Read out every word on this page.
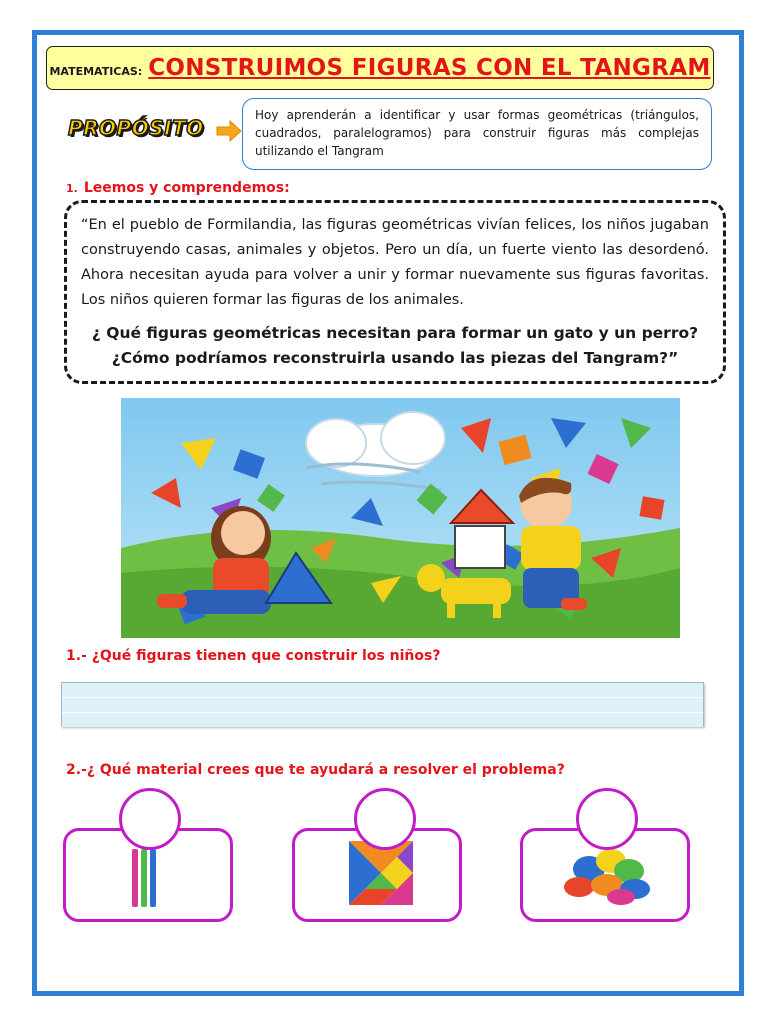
MATEMATICAS: CONSTRUIMOS FIGURAS CON EL TANGRAM
PROPÓSITO
Hoy aprenderán a identificar y usar formas geométricas (triángulos, cuadrados, paralelogramos) para construir figuras más complejas utilizando el Tangram
1. Leemos y comprendemos:

“En el pueblo de Formilandia, las figuras geométricas vivían felices, los niños jugaban construyendo casas, animales y objetos. Pero un día, un fuerte viento las desordenó. Ahora necesitan ayuda para volver a unir y formar nuevamente sus figuras favoritas. Los niños quieren formar las figuras de los animales.

¿ Qué figuras geométricas necesitan para formar un gato y un perro? ¿Cómo podríamos reconstruirla usando las piezas del Tangram?”

1.- ¿Qué figuras tienen que construir los niños?
2.-¿ Qué material crees que te ayudará a resolver el problema?
